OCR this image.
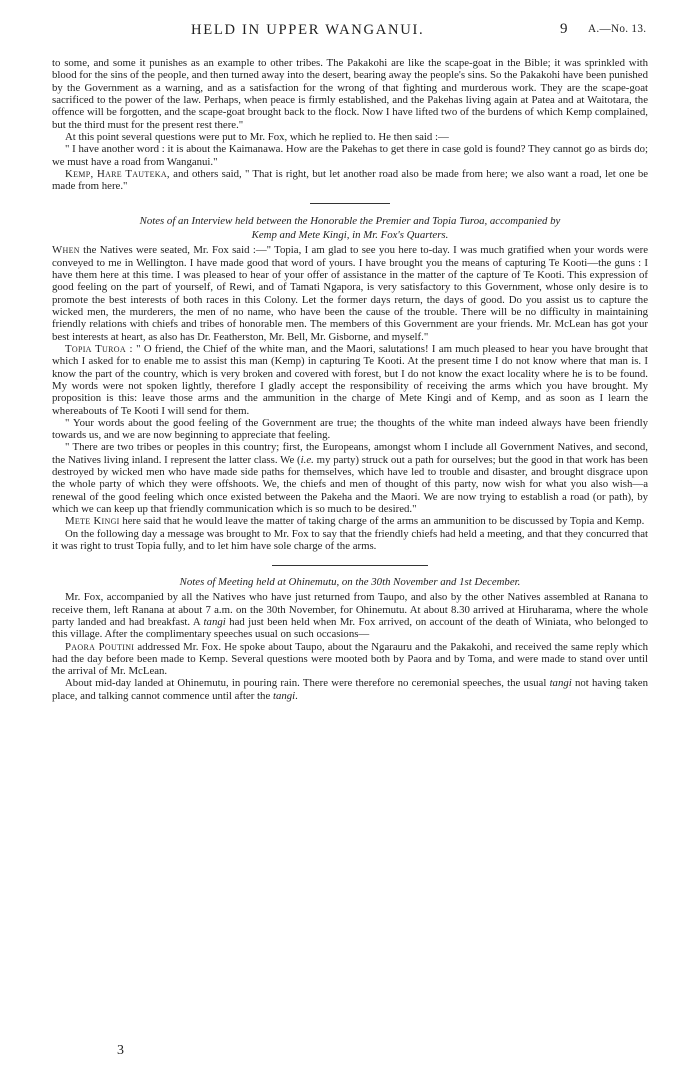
HELD IN UPPER WANGANUI.	9 A.—No. 13.

to some, and some it punishes as an example to other tribes. The Pakakohi are like the scape-goat in the Bible; it was sprinkled with blood for the sins of the people, and then turned away into the desert, bearing away the people's sins. So the Pakakohi have been punished by the Government as a warning, and as a satisfaction for the wrong of that fighting and murderous work. They are the scape-goat sacrificed to the power of the law. Perhaps, when peace is firmly established, and the Pakehas living again at Patea and at Waitotara, the offence will be forgotten, and the scape-goat brought back to the flock. Now I have lifted two of the burdens of which Kemp complained, but the third must for the present rest there."

At this point several questions were put to Mr. Fox, which he replied to. He then said :—

" I have another word : it is about the Kaimanawa. How are the Pakehas to get there in case gold is found? They cannot go as birds do; we must have a road from Wanganui."

Kemp, Hare Tauteka, and others said, " That is right, but let another road also be made from here; we also want a road, let one be made from here."

Notes of an Interview held between the Honorable the Premier and Topia Turoa, accompanied by
Kemp and Mete Kingi, in Mr. Fox's Quarters.

When the Natives were seated, Mr. Fox said :—" Topia, I am glad to see you here to-day. I was much gratified when your words were conveyed to me in Wellington. I have made good that word of yours. I have brought you the means of capturing Te Kooti—the guns : I have them here at this time. I was pleased to hear of your offer of assistance in the matter of the capture of Te Kooti. This expression of good feeling on the part of yourself, of Rewi, and of Tamati Ngapora, is very satisfactory to this Government, whose only desire is to promote the best interests of both races in this Colony. Let the former days return, the days of good. Do you assist us to capture the wicked men, the murderers, the men of no name, who have been the cause of the trouble. There will be no difficulty in maintaining friendly relations with chiefs and tribes of honorable men. The members of this Government are your friends. Mr. McLean has got your best interests at heart, as also has Dr. Featherston, Mr. Bell, Mr. Gisborne, and myself."

Topia Turoa : " O friend, the Chief of the white man, and the Maori, salutations! I am much pleased to hear you have brought that which I asked for to enable me to assist this man (Kemp) in capturing Te Kooti. At the present time I do not know where that man is. I know the part of the country, which is very broken and covered with forest, but I do not know the exact locality where he is to be found. My words were not spoken lightly, therefore I gladly accept the responsibility of receiving the arms which you have brought. My proposition is this: leave those arms and the ammunition in the charge of Mete Kingi and of Kemp, and as soon as I learn the whereabouts of Te Kooti I will send for them.

" Your words about the good feeling of the Government are true; the thoughts of the white man indeed always have been friendly towards us, and we are now beginning to appreciate that feeling.

" There are two tribes or peoples in this country; first, the Europeans, amongst whom I include all Government Natives, and second, the Natives living inland. I represent the latter class. We (i.e. my party) struck out a path for ourselves; but the good in that work has been destroyed by wicked men who have made side paths for themselves, which have led to trouble and disaster, and brought disgrace upon the whole party of which they were offshoots. We, the chiefs and men of thought of this party, now wish for what you also wish—a renewal of the good feeling which once existed between the Pakeha and the Maori. We are now trying to establish a road (or path), by which we can keep up that friendly communication which is so much to be desired."

Mete Kingi here said that he would leave the matter of taking charge of the arms an ammunition to be discussed by Topia and Kemp.

On the following day a message was brought to Mr. Fox to say that the friendly chiefs had held a meeting, and that they concurred that it was right to trust Topia fully, and to let him have sole charge of the arms.

Notes of Meeting held at Ohinemutu, on the 30th November and 1st December.

Mr. Fox, accompanied by all the Natives who have just returned from Taupo, and also by the other Natives assembled at Ranana to receive them, left Ranana at about 7 a.m. on the 30th November, for Ohinemutu. At about 8.30 arrived at Hiruharama, where the whole party landed and had breakfast. A tangi had just been held when Mr. Fox arrived, on account of the death of Winiata, who belonged to this village. After the complimentary speeches usual on such occasions—

Paora Poutini addressed Mr. Fox. He spoke about Taupo, about the Ngarauru and the Pakakohi, and received the same reply which had the day before been made to Kemp. Several questions were mooted both by Paora and by Toma, and were made to stand over until the arrival of Mr. McLean.

About mid-day landed at Ohinemutu, in pouring rain. There were therefore no ceremonial speeches, the usual tangi not having taken place, and talking cannot commence until after the tangi.

3
